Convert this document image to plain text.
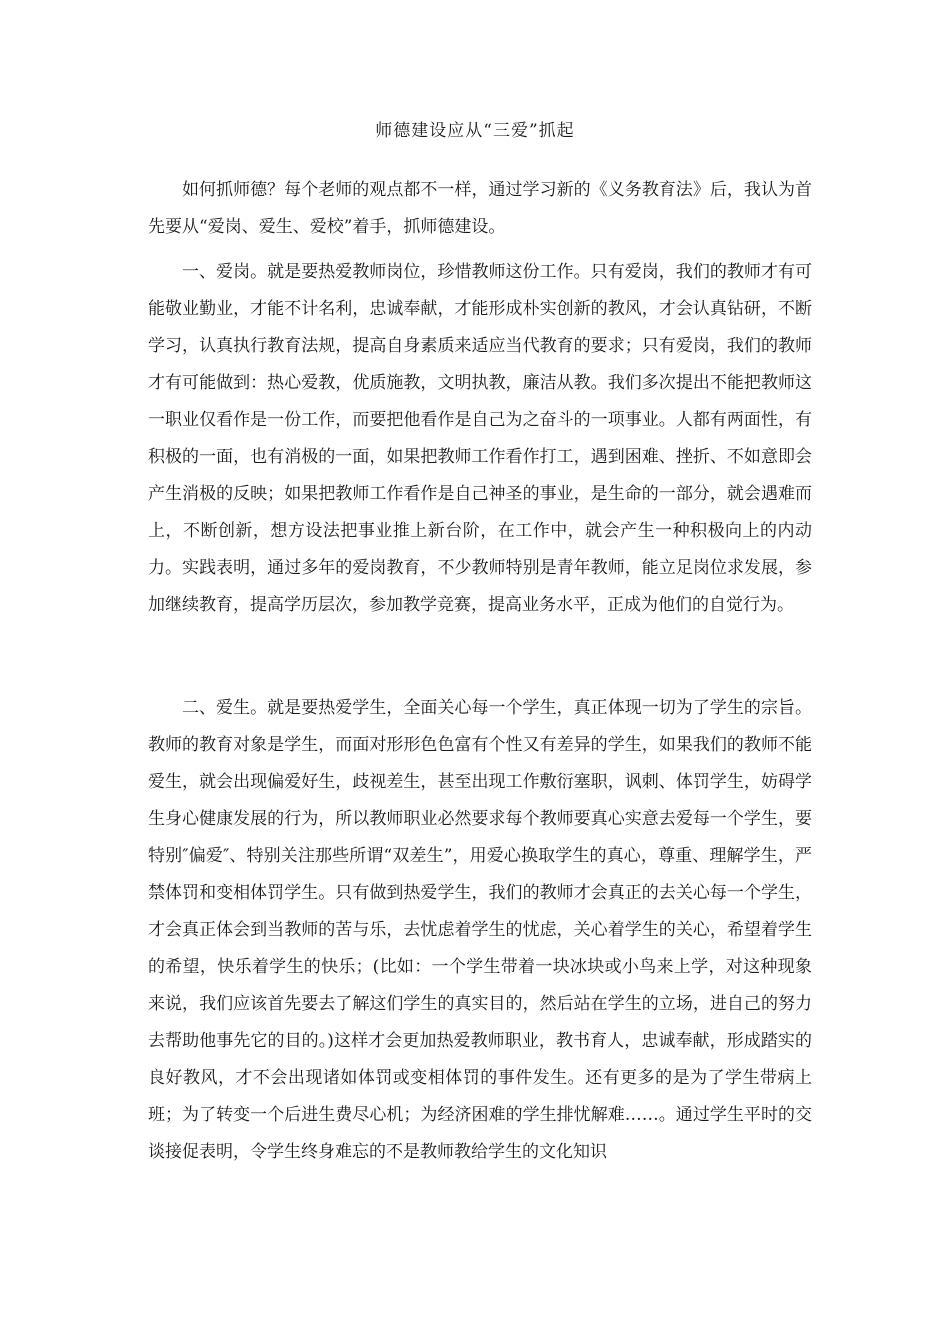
师德建设应从“三爱”抓起

如何抓师德？每个老师的观点都不一样，通过学习新的《义务教育法》后，我认为首先要从“爱岗、爱生、爱校”着手，抓师德建设。

一、爱岗。就是要热爱教师岗位，珍惜教师这份工作。只有爱岗，我们的教师才有可能敬业勤业，才能不计名利，忠诚奉献，才能形成朴实创新的教风，才会认真钻研，不断学习，认真执行教育法规，提高自身素质来适应当代教育的要求；只有爱岗，我们的教师才有可能做到：热心爱教，优质施教，文明执教，廉洁从教。我们多次提出不能把教师这一职业仅看作是一份工作，而要把他看作是自己为之奋斗的一项事业。人都有两面性，有积极的一面，也有消极的一面，如果把教师工作看作打工，遇到困难、挫折、不如意即会产生消极的反映；如果把教师工作看作是自己神圣的事业，是生命的一部分，就会遇难而上，不断创新，想方设法把事业推上新台阶，在工作中，就会产生一种积极向上的内动力。实践表明，通过多年的爱岗教育，不少教师特别是青年教师，能立足岗位求发展，参加继续教育，提高学历层次，参加教学竞赛，提高业务水平，正成为他们的自觉行为。

二、爱生。就是要热爱学生，全面关心每一个学生，真正体现一切为了学生的宗旨。教师的教育对象是学生，而面对形形色色富有个性又有差异的学生，如果我们的教师不能爱生，就会出现偏爱好生，歧视差生，甚至出现工作敷衍塞职，讽刺、体罚学生，妨碍学生身心健康发展的行为，所以教师职业必然要求每个教师要真心实意去爱每一个学生，要特别″偏爱″、特别关注那些所谓“双差生”，用爱心换取学生的真心，尊重、理解学生，严禁体罚和变相体罚学生。只有做到热爱学生，我们的教师才会真正的去关心每一个学生，才会真正体会到当教师的苦与乐，去忧虑着学生的忧虑，关心着学生的关心，希望着学生的希望，快乐着学生的快乐；(比如：一个学生带着一块冰块或小鸟来上学，对这种现象来说，我们应该首先要去了解这们学生的真实目的，然后站在学生的立场，进自己的努力去帮助他事先它的目的。)这样才会更加热爱教师职业，教书育人，忠诚奉献，形成踏实的良好教风，才不会出现诸如体罚或变相体罚的事件发生。还有更多的是为了学生带病上班；为了转变一个后进生费尽心机；为经济困难的学生排忧解难……。通过学生平时的交谈接促表明，令学生终身难忘的不是教师教给学生的文化知识
